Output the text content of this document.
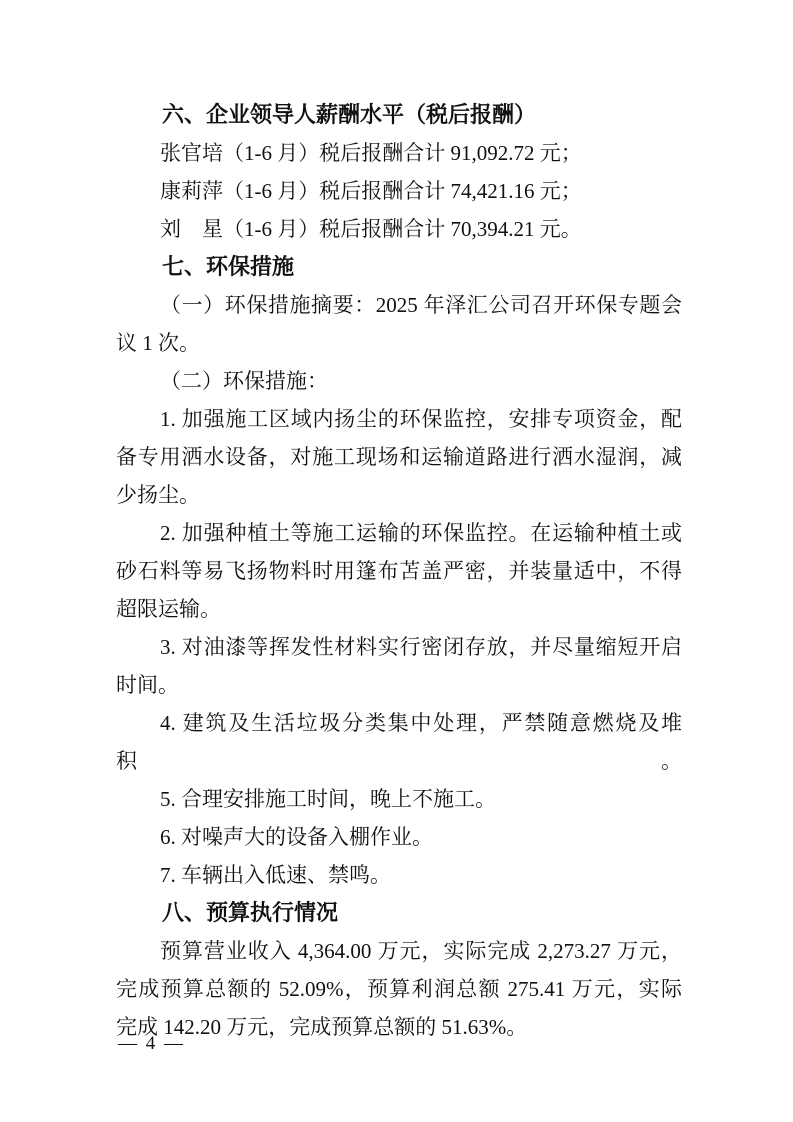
六、企业领导人薪酬水平（税后报酬）
张官培（1-6 月）税后报酬合计 91,092.72 元；
康莉萍（1-6 月）税后报酬合计 74,421.16 元；
刘　星（1-6 月）税后报酬合计 70,394.21 元。
七、环保措施
（一）环保措施摘要：2025 年泽汇公司召开环保专题会
议 1 次。
（二）环保措施：
1. 加强施工区域内扬尘的环保监控，安排专项资金，配
备专用洒水设备，对施工现场和运输道路进行洒水湿润，减
少扬尘。
2. 加强种植土等施工运输的环保监控。在运输种植土或
砂石料等易飞扬物料时用篷布苫盖严密，并装量适中，不得
超限运输。
3. 对油漆等挥发性材料实行密闭存放，并尽量缩短开启
时间。
4. 建筑及生活垃圾分类集中处理，严禁随意燃烧及堆积。
5. 合理安排施工时间，晚上不施工。
6. 对噪声大的设备入棚作业。
7. 车辆出入低速、禁鸣。
八、预算执行情况
预算营业收入 4,364.00 万元，实际完成 2,273.27 万元，
完成预算总额的 52.09%，预算利润总额 275.41 万元，实际
完成 142.20 万元，完成预算总额的 51.63%。
— 4 —
